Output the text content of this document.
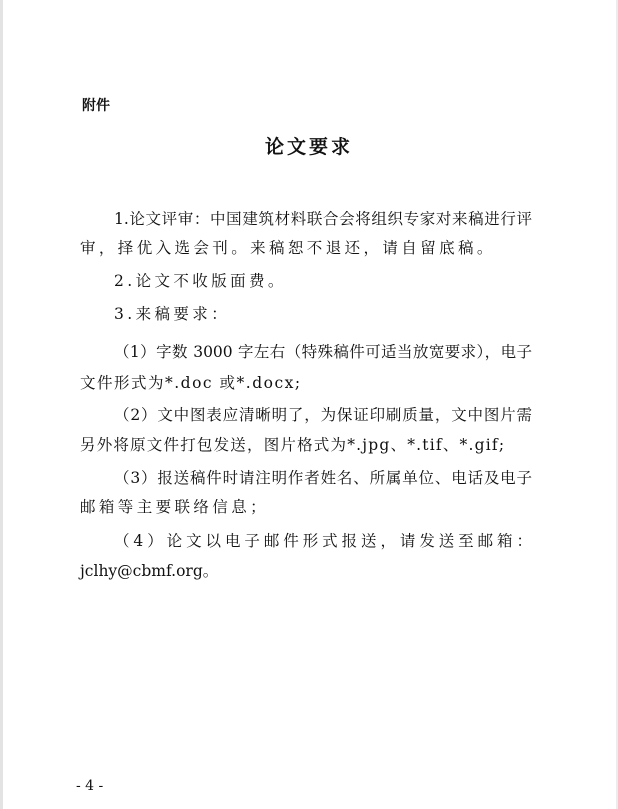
附件
论文要求
1.论文评审：中国建筑材料联合会将组织专家对来稿进行评
审，择优入选会刊。来稿恕不退还，请自留底稿。
2.论文不收版面费。
3.来稿要求：
（1）字数 3000 字左右（特殊稿件可适当放宽要求），电子
文件形式为*.doc 或*.docx;
（2）文中图表应清晰明了，为保证印刷质量，文中图片需
另外将原文件打包发送，图片格式为*.jpg、*.tif、*.gif;
（3）报送稿件时请注明作者姓名、所属单位、电话及电子
邮箱等主要联络信息；
（4）论文以电子邮件形式报送，请发送至邮箱：
jclhy@cbmf.org。
- 4 -
